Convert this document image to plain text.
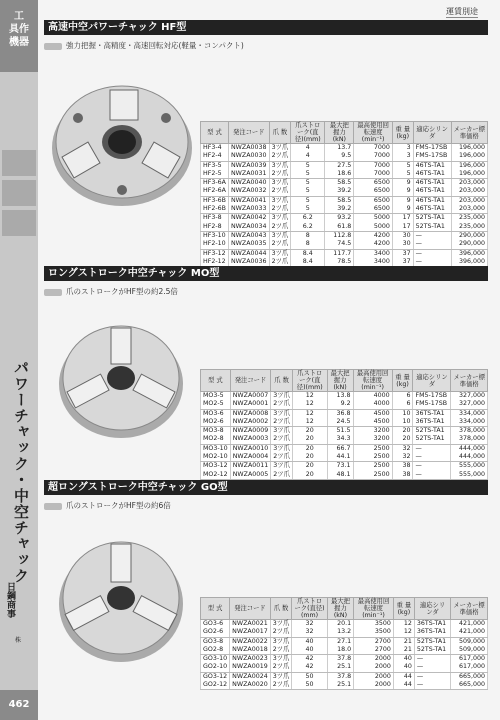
工
具作
機器
パワーチャック・中空チャック
日鋼商事
株
462
運賃別途
高速中空パワーチャック HF型
強力把握・高精度・高速回転対応(軽量・コンパクト)
型 式	発注コード	爪 数	爪ストローク(直径)(mm)	最大把握力(kN)	最高使用回転速度(min⁻¹)	重 量(kg)	適応シリンダ	メーカー標準価格
HF3-4	NWZA0038	3ツ爪	4	13.7	7000	3	FM5-17SB	196,000
HF2-4	NWZA0030	2ツ爪	4	9.5	7000	3	FM5-17SB	196,000
HF3-5	NWZA0039	3ツ爪	5	27.5	7000	5	46TS-TA1	196,000
HF2-5	NWZA0031	2ツ爪	5	18.6	7000	5	46TS-TA1	196,000
HF3-6A	NWZA0040	3ツ爪	5	58.5	6500	9	46TS-TA1	203,000
HF2-6A	NWZA0032	2ツ爪	5	39.2	6500	9	46TS-TA1	203,000
HF3-6B	NWZA0041	3ツ爪	5	58.5	6500	9	46TS-TA1	203,000
HF2-6B	NWZA0033	2ツ爪	5	39.2	6500	9	46TS-TA1	203,000
HF3-8	NWZA0042	3ツ爪	6.2	93.2	5000	17	52TS-TA1	235,000
HF2-8	NWZA0034	2ツ爪	6.2	61.8	5000	17	52TS-TA1	235,000
HF3-10	NWZA0043	3ツ爪	8	112.8	4200	30	—	290,000
HF2-10	NWZA0035	2ツ爪	8	74.5	4200	30	—	290,000
HF3-12	NWZA0044	3ツ爪	8.4	117.7	3400	37	—	396,000
HF2-12	NWZA0036	2ツ爪	8.4	78.5	3400	37	—	396,000
ロングストローク中空チャック MO型
爪のストロークがHF型の約2.5倍
型 式	発注コード	爪 数	爪ストローク(直径)(mm)	最大把握力(kN)	最高使用回転速度(min⁻¹)	重 量(kg)	適応シリンダ	メーカー標準価格
MO3-5	NWZA0007	3ツ爪	12	13.8	4000	6	FM5-17SB	327,000
MO2-5	NWZA0001	2ツ爪	12	9.2	4000	6	FM5-17SB	327,000
MO3-6	NWZA0008	3ツ爪	12	36.8	4500	10	36TS-TA1	334,000
MO2-6	NWZA0002	2ツ爪	12	24.5	4500	10	36TS-TA1	334,000
MO3-8	NWZA0009	3ツ爪	20	51.5	3200	20	52TS-TA1	378,000
MO2-8	NWZA0003	2ツ爪	20	34.3	3200	20	52TS-TA1	378,000
MO3-10	NWZA0010	3ツ爪	20	66.7	2500	32	—	444,000
MO2-10	NWZA0004	2ツ爪	20	44.1	2500	32	—	444,000
MO3-12	NWZA0011	3ツ爪	20	73.1	2500	38	—	555,000
MO2-12	NWZA0005	2ツ爪	20	48.1	2500	38	—	555,000
超ロングストローク中空チャック GO型
爪のストロークがHF型の約6倍
型 式	発注コード	爪 数	爪ストローク(直径)(mm)	最大把握力(kN)	最高使用回転速度(min⁻¹)	重 量(kg)	適応シリンダ	メーカー標準価格
GO3-6	NWZA0021	3ツ爪	32	20.1	3500	12	36TS-TA1	421,000
GO2-6	NWZA0017	2ツ爪	32	13.2	3500	12	36TS-TA1	421,000
GO3-8	NWZA0022	3ツ爪	40	27.1	2700	21	52TS-TA1	509,000
GO2-8	NWZA0018	2ツ爪	40	18.0	2700	21	52TS-TA1	509,000
GO3-10	NWZA0023	3ツ爪	42	37.8	2000	40	—	617,000
GO2-10	NWZA0019	2ツ爪	42	25.1	2000	40	—	617,000
GO3-12	NWZA0024	3ツ爪	50	37.8	2000	44	—	665,000
GO2-12	NWZA0020	2ツ爪	50	25.1	2000	44	—	665,000
